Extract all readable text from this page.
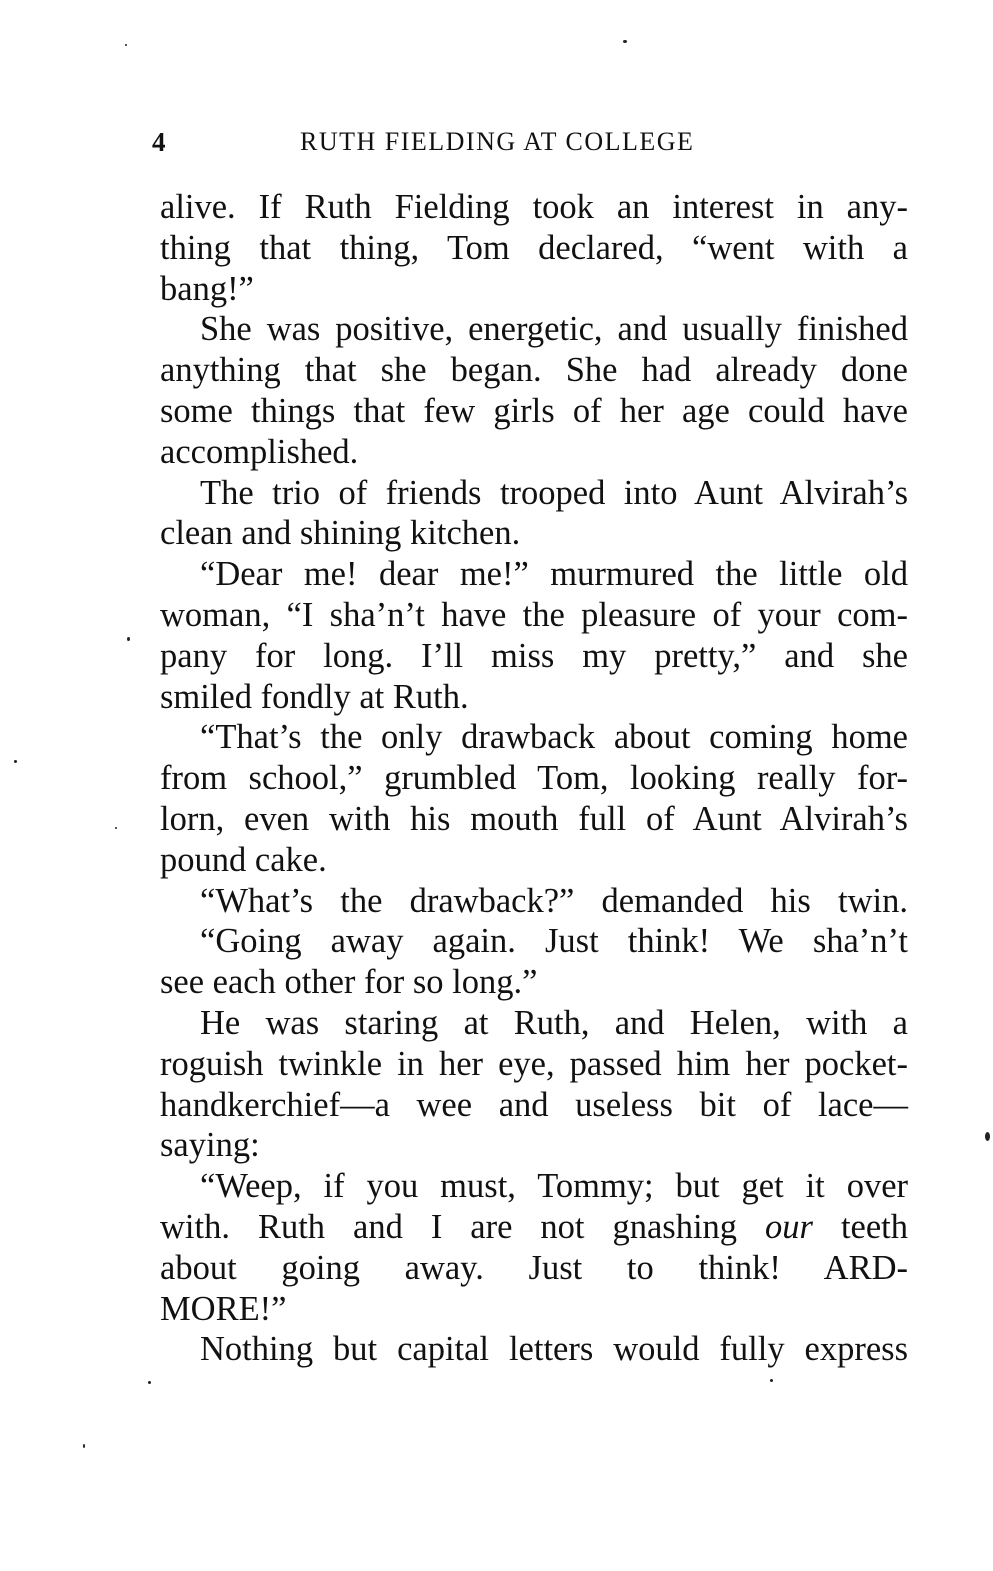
4	RUTH FIELDING AT COLLEGE
alive. If Ruth Fielding took an interest in any-
thing that thing, Tom declared, “went with a
bang!”
She was positive, energetic, and usually finished
anything that she began. She had already done
some things that few girls of her age could have
accomplished.
The trio of friends trooped into Aunt Alvirah’s
clean and shining kitchen.
“Dear me! dear me!” murmured the little old
woman, “I sha’n’t have the pleasure of your com-
pany for long. I’ll miss my pretty,” and she
smiled fondly at Ruth.
“That’s the only drawback about coming home
from school,” grumbled Tom, looking really for-
lorn, even with his mouth full of Aunt Alvirah’s
pound cake.
“What’s the drawback?” demanded his twin.
“Going away again. Just think! We sha’n’t
see each other for so long.”
He was staring at Ruth, and Helen, with a
roguish twinkle in her eye, passed him her pocket-
handkerchief—a wee and useless bit of lace—
saying:
“Weep, if you must, Tommy; but get it over
with. Ruth and I are not gnashing our teeth
about going away. Just to think! ARD-
MORE!”
Nothing but capital letters would fully express
